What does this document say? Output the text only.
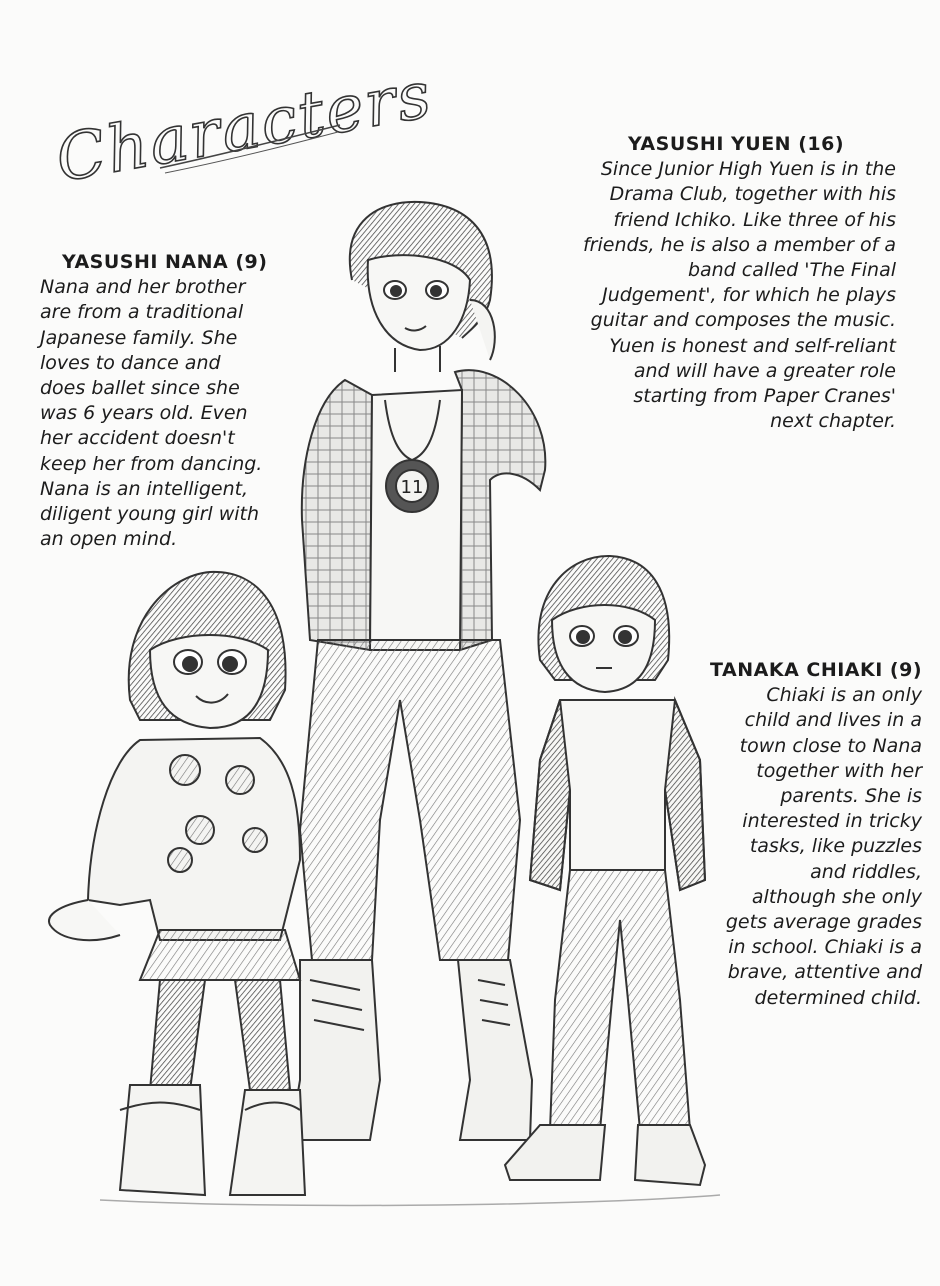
Characters
11
YASUSHI NANA (9)
Nana and her brother
are from a traditional
Japanese family. She
loves to dance and
does ballet since she
was 6 years old. Even
her accident doesn't
keep her from dancing.
Nana is an intelligent,
diligent young girl with
an open mind.
YASUSHI YUEN (16)
Since Junior High Yuen is in the
Drama Club, together with his
friend Ichiko. Like three of his
friends, he is also a member of a
band called 'The Final
Judgement', for which he plays
guitar and composes the music.
Yuen is honest and self-reliant
and will have a greater role
starting from Paper Cranes'
next chapter.
TANAKA CHIAKI (9)
Chiaki is an only
child and lives in a
town close to Nana
together with her
parents. She is
interested in tricky
tasks, like puzzles
and riddles,
although she only
gets average grades
in school. Chiaki is a
brave, attentive and
determined child.
